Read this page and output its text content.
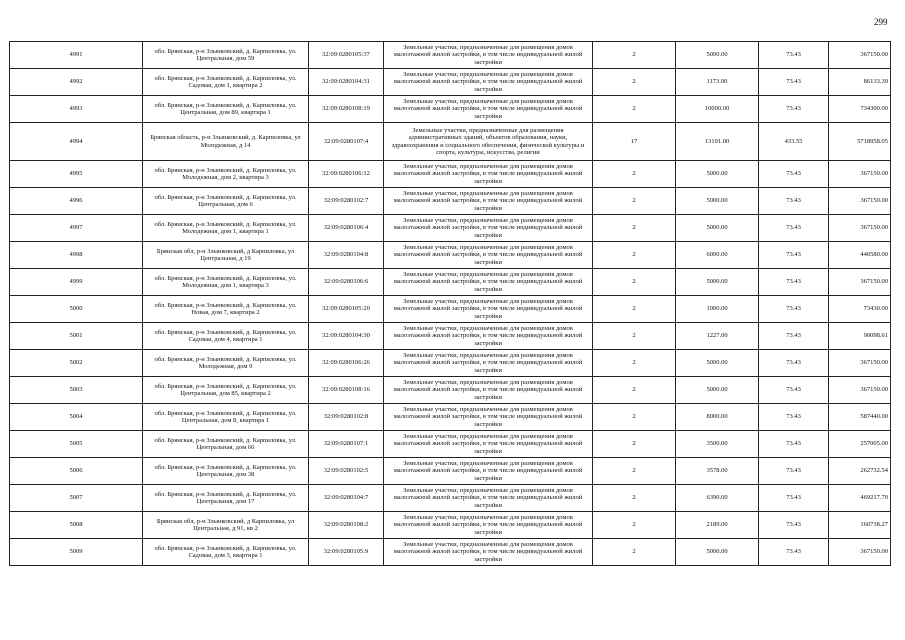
299
4991	обл. Брянская, р-н Злынковский, д. Карпиловка, ул. Центральная, дом 59	32:09:0280105:37	Земельные участки, предназначенные для размещения домов малоэтажной жилой застройки, в том числе индивидуальной жилой застройки	2	5000.00	73.43	367150.00
4992	обл. Брянская, р-н Злынковский, д. Карпиловка, ул. Садовая, дом 1, квартира 2	32:09:0280104:31	Земельные участки, предназначенные для размещения домов малоэтажной жилой застройки, в том числе индивидуальной жилой застройки	2	1173.00	73.43	86133.39
4993	обл. Брянская, р-н Злынковский, д. Карпиловка, ул. Центральная, дом 89, квартира 1	32:09:0280108:19	Земельные участки, предназначенные для размещения домов малоэтажной жилой застройки, в том числе индивидуальной жилой застройки	2	10000.00	73.43	734300.00
4994	Брянская область, р-н Злынковский, д. Карпиловка, ул Молодежная, д 14	32:09:0280107:4	Земельные участки, предназначенные для размещения административных зданий, объектов образования, науки, здравоохранения и социального обеспечения, физической культуры и спорта, культуры, искусства, религии	17	13191.00	433.55	5718958.05
4995	обл. Брянская, р-н Злынковский, д. Карпиловка, ул. Молодежная, дом 2, квартира 3	32:09:0280106:12	Земельные участки, предназначенные для размещения домов малоэтажной жилой застройки, в том числе индивидуальной жилой застройки	2	5000.00	73.43	367150.00
4996	обл. Брянская, р-н Злынковский, д. Карпиловка, ул. Центральная, дом 6	32:09:0280102:7	Земельные участки, предназначенные для размещения домов малоэтажной жилой застройки, в том числе индивидуальной жилой застройки	2	5000.00	73.43	367150.00
4997	обл. Брянская, р-н Злынковский, д. Карпиловка, ул. Молодежная, дом 1, квартира 1	32:09:0280106:4	Земельные участки, предназначенные для размещения домов малоэтажной жилой застройки, в том числе индивидуальной жилой застройки	2	5000.00	73.43	367150.00
4998	Брянская обл, р-н Злынковский, д Карпиловка, ул Центральная, д 19	32:09:0280104:8	Земельные участки, предназначенные для размещения домов малоэтажной жилой застройки, в том числе индивидуальной жилой застройки	2	6000.00	73.43	440580.00
4999	обл. Брянская, р-н Злынковский, д. Карпиловка, ул. Молодежная, дом 1, квартира 3	32:09:0280106:6	Земельные участки, предназначенные для размещения домов малоэтажной жилой застройки, в том числе индивидуальной жилой застройки	2	5000.00	73.43	367150.00
5000	обл. Брянская, р-н Злынковский, д. Карпиловка, ул. Новая, дом 7, квартира 2	32:09:0280105:20	Земельные участки, предназначенные для размещения домов малоэтажной жилой застройки, в том числе индивидуальной жилой застройки	2	1000.00	73.43	73430.00
5001	обл. Брянская, р-н Злынковский, д. Карпиловка, ул. Садовая, дом 4, квартира 1	32:09:0280104:30	Земельные участки, предназначенные для размещения домов малоэтажной жилой застройки, в том числе индивидуальной жилой застройки	2	1227.00	73.43	90098.61
5002	обл. Брянская, р-н Злынковский, д. Карпиловка, ул. Молодежная, дом 9	32:09:0280106:26	Земельные участки, предназначенные для размещения домов малоэтажной жилой застройки, в том числе индивидуальной жилой застройки	2	5000.00	73.43	367150.00
5003	обл. Брянская, р-н Злынковский, д. Карпиловка, ул. Центральная, дом 85, квартира 2	32:09:0280108:16	Земельные участки, предназначенные для размещения домов малоэтажной жилой застройки, в том числе индивидуальной жилой застройки	2	5000.00	73.43	367150.00
5004	обл. Брянская, р-н Злынковский, д. Карпиловка, ул. Центральная, дом 8, квартира 1	32:09:0280102:8	Земельные участки, предназначенные для размещения домов малоэтажной жилой застройки, в том числе индивидуальной жилой застройки	2	8000.00	73.43	587440.00
5005	обл. Брянская, р-н Злынковский, д. Карпиловка, ул. Центральная, дом 66	32:09:0280107:1	Земельные участки, предназначенные для размещения домов малоэтажной жилой застройки, в том числе индивидуальной жилой застройки	2	3500.00	73.43	257005.00
5006	обл. Брянская, р-н Злынковский, д. Карпиловка, ул. Центральная, дом 38	32:09:0280102:5	Земельные участки, предназначенные для размещения домов малоэтажной жилой застройки, в том числе индивидуальной жилой застройки	2	3578.00	73.43	262732.54
5007	обл. Брянская, р-н Злынковский, д. Карпиловка, ул. Центральная, дом 17	32:09:0280104:7	Земельные участки, предназначенные для размещения домов малоэтажной жилой застройки, в том числе индивидуальной жилой застройки	2	6390.00	73.43	469217.70
5008	Брянская обл, р-н Злынковский, д Карпиловка, ул Центральная, д 91, кв 2	32:09:0280108:2	Земельные участки, предназначенные для размещения домов малоэтажной жилой застройки, в том числе индивидуальной жилой застройки	2	2189.00	73.43	160738.27
5009	обл. Брянская, р-н Злынковский, д. Карпиловка, ул. Садовая, дом 3, квартира 1	32:09:0280105:9	Земельные участки, предназначенные для размещения домов малоэтажной жилой застройки, в том числе индивидуальной жилой застройки	2	5000.00	73.43	367150.00
